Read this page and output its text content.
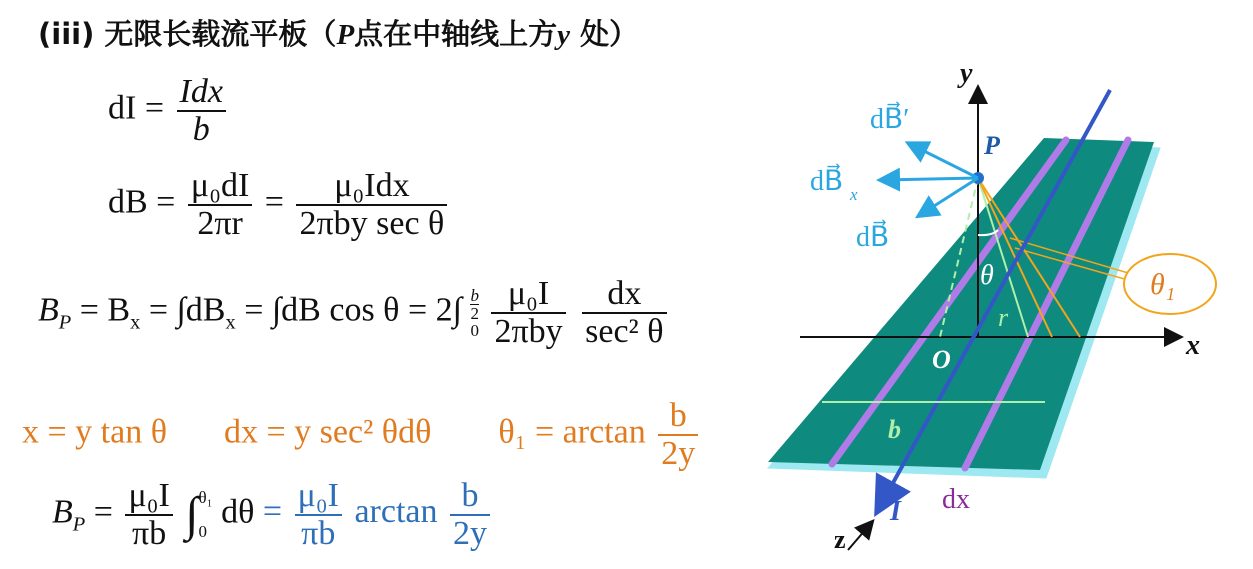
(iii) 无限长载流平板（P点在中轴线上方y 处）
dI = $\frac{\text{Idx}}{b}$
dB = $\frac{\text{μ₀dI}}{2\pi r} = \frac{\text{μ₀Idx}}{\text{2πby sec θ}}$
$B_P = B_x = \int dB_x = \int dB$ $\cos \theta = 2\int \frac{b}{2}$

$0 \frac{\text{μ₀I}}{\text{2πby}}$
$\frac{dx}{\text{sec² θ}}$
x = y tan θ dx = y sec² θdθ $\theta_1 = \arctan \frac{b}{2y}$
$B_P = \frac{\text{μ₀I}}{\pi b} \int\theta_1$

0 $d\theta = \frac{\text{μ₀I}}{\pi b}$ $\arctan \frac{b}{2y}$
y
x
z
O
P
dB⃗′
dB⃗ x
dB⃗
θ
r⃗
θ₁
b
I dx
